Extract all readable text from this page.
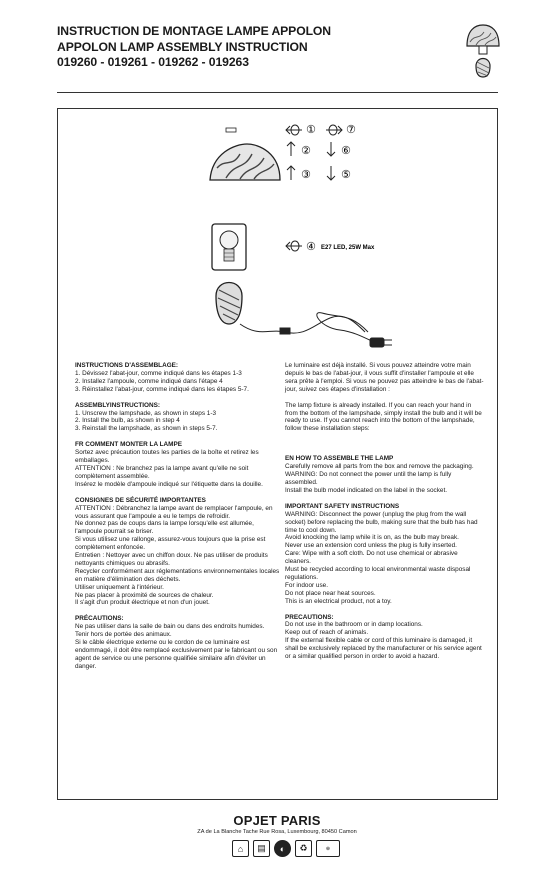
INSTRUCTION DE MONTAGE LAMPE APPOLON
APPOLON LAMP ASSEMBLY INSTRUCTION
019260 - 019261 - 019262 - 019263
①	⑦
②	⑥
③	⑤
④ E27 LED, 25W Max

INSTRUCTIONS D'ASSEMBLAGE:

1. Dévissez l'abat-jour, comme indiqué dans les étapes 1-3

2. Installez l'ampoule, comme indiqué dans l'étape 4

3. Réinstallez l'abat-jour, comme indiqué dans les étapes 5-7.

ASSEMBLYINSTRUCTIONS:

1. Unscrew the lampshade, as shown in steps 1-3

2. Install the bulb, as shown in step 4

3. Reinstall the lampshade, as shown in steps 5-7.

FR COMMENT MONTER LA LAMPE

Sortez avec précaution toutes les parties de la boîte et retirez les emballages.

ATTENTION : Ne branchez pas la lampe avant qu'elle ne soit complètement assemblée.

Insérez le modèle d'ampoule indiqué sur l'étiquette dans la douille.

CONSIGNES DE SÉCURITÉ IMPORTANTES

ATTENTION : Débranchez la lampe avant de remplacer l'ampoule, en vous assurant que l'ampoule a eu le temps de refroidir.

Ne donnez pas de coups dans la lampe lorsqu'elle est allumée, l'ampoule pourrait se briser.

Si vous utilisez une rallonge, assurez-vous toujours que la prise est complètement enfoncée.

Entretien : Nettoyer avec un chiffon doux. Ne pas utiliser de produits nettoyants chimiques ou abrasifs.

Recycler conformément aux réglementations environnementales locales en matière d'élimination des déchets.

Utiliser uniquement à l'intérieur.

Ne pas placer à proximité de sources de chaleur.

Il s'agit d'un produit électrique et non d'un jouet.

PRÉCAUTIONS:

Ne pas utiliser dans la salle de bain ou dans des endroits humides.

Tenir hors de portée des animaux.

Si le câble électrique externe ou le cordon de ce luminaire est endommagé, il doit être remplacé exclusivement par le fabricant ou son agent de service ou une personne qualifiée similaire afin d'éviter un danger.

Le luminaire est déjà installé. Si vous pouvez atteindre votre main depuis le bas de l'abat-jour, il vous suffit d'installer l'ampoule et elle sera prête à l'emploi. Si vous ne pouvez pas atteindre le bas de l'abat-jour, suivez ces étapes d'installation :

The lamp fixture is already installed. If you can reach your hand in from the bottom of the lampshade, simply install the bulb and it will be ready to use. If you cannot reach into the bottom of the lampshade, follow these installation steps:

EN HOW TO ASSEMBLE THE LAMP

Carefully remove all parts from the box and remove the packaging.

WARNING: Do not connect the power until the lamp is fully assembled.

Install the bulb model indicated on the label in the socket.

IMPORTANT SAFETY INSTRUCTIONS

WARNING: Disconnect the power (unplug the plug from the wall socket) before replacing the bulb, making sure that the bulb has had time to cool down.

Avoid knocking the lamp while it is on, as the bulb may break.

Never use an extension cord unless the plug is fully inserted.

Care: Wipe with a soft cloth. Do not use chemical or abrasive cleaners.

Must be recycled according to local environmental waste disposal regulations.

For indoor use.

Do not place near heat sources.

This is an electrical product, not a toy.

PRECAUTIONS:

Do not use in the bathroom or in damp locations.

Keep out of reach of animals.

If the external flexible cable or cord of this luminaire is damaged, it shall be exclusively replaced by the manufacturer or his service agent or a similar qualified person in order to avoid a hazard.

OPJET PARIS
ZA de La Blanche Tache Rue Rosa, Luxembourg, 80450 Camon
⌂	▤	◐	♻	⊕
